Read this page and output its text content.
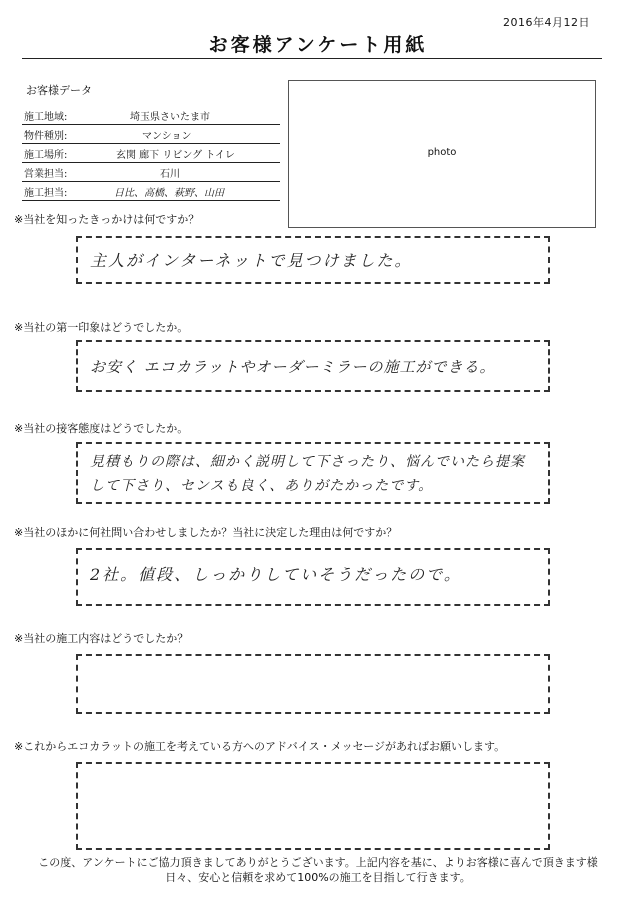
2016年4月12日
お客様アンケート用紙
お客様データ
施工地域:	埼玉県さいたま市
物件種別:	マンション
施工場所:	玄関 廊下 リビング トイレ
営業担当:	石川
施工担当:	日比、高橋、萩野、山田
photo
※当社を知ったきっかけは何ですか？
主人がインターネットで見つけました。
※当社の第一印象はどうでしたか。
お安く エコカラットやオーダーミラーの施工ができる。
※当社の接客態度はどうでしたか。
見積もりの際は、細かく説明して下さったり、悩んでいたら提案して下さり、センスも良く、ありがたかったです。
※当社のほかに何社問い合わせしましたか？当社に決定した理由は何ですか？
2社。値段、しっかりしていそうだったので。
※当社の施工内容はどうでしたか？
※これからエコカラットの施工を考えている方へのアドバイス・メッセージがあればお願いします。
この度、アンケートにご協力頂きましてありがとうございます。上記内容を基に、よりお客様に喜んで頂きます様
日々、安心と信頼を求めて100%の施工を目指して行きます。
